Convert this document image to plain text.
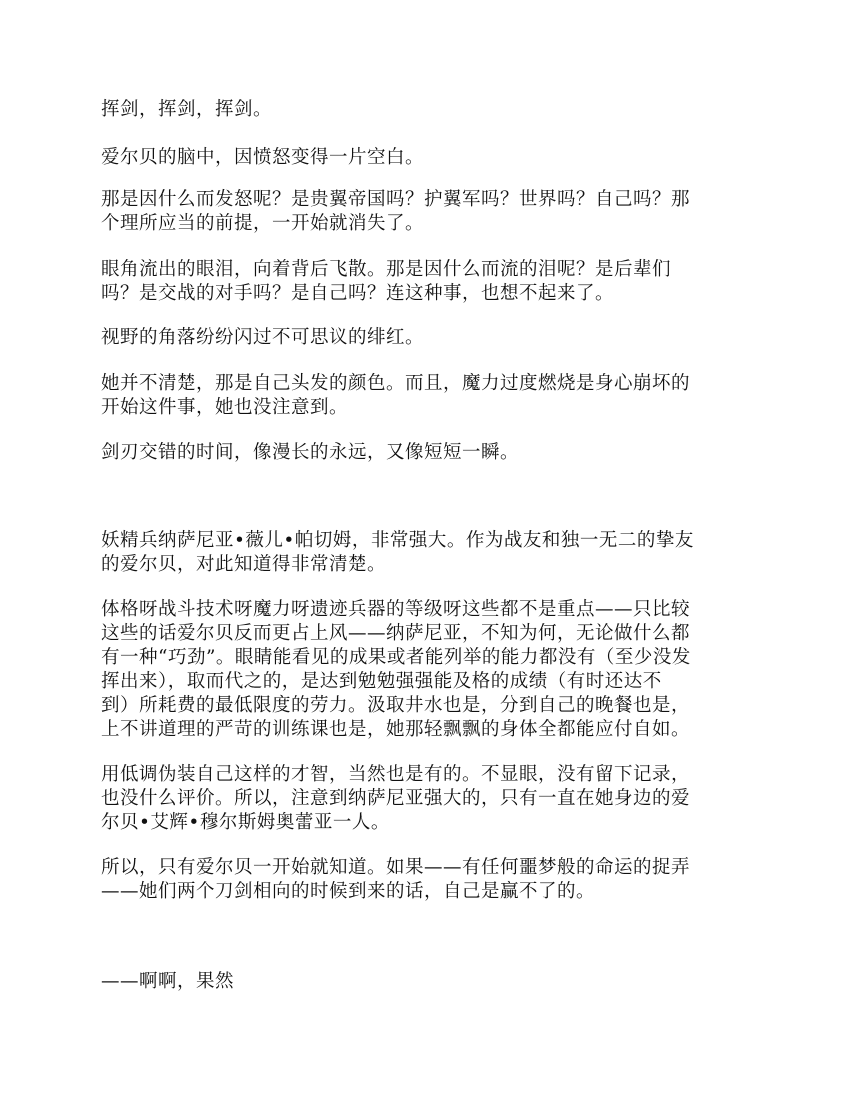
挥剑，挥剑，挥剑。

爱尔贝的脑中，因愤怒变得一片空白。

那是因什么而发怒呢？是贵翼帝国吗？护翼军吗？世界吗？自己吗？那
个理所应当的前提，一开始就消失了。

眼角流出的眼泪，向着背后飞散。那是因什么而流的泪呢？是后辈们
吗？是交战的对手吗？是自己吗？连这种事，也想不起来了。

视野的角落纷纷闪过不可思议的绯红。

她并不清楚，那是自己头发的颜色。而且，魔力过度燃烧是身心崩坏的
开始这件事，她也没注意到。

剑刃交错的时间，像漫长的永远，又像短短一瞬。

妖精兵纳萨尼亚•薇儿•帕切姆，非常强大。作为战友和独一无二的挚友
的爱尔贝，对此知道得非常清楚。

体格呀战斗技术呀魔力呀遗迹兵器的等级呀这些都不是重点——只比较
这些的话爱尔贝反而更占上风——纳萨尼亚，不知为何，无论做什么都
有一种“巧劲”。眼睛能看见的成果或者能列举的能力都没有（至少没发
挥出来），取而代之的，是达到勉勉强强能及格的成绩（有时还达不
到）所耗费的最低限度的劳力。汲取井水也是，分到自己的晚餐也是，
上不讲道理的严苛的训练课也是，她那轻飘飘的身体全都能应付自如。

用低调伪装自己这样的才智，当然也是有的。不显眼，没有留下记录，
也没什么评价。所以，注意到纳萨尼亚强大的，只有一直在她身边的爱
尔贝•艾辉•穆尔斯姆奥蕾亚一人。

所以，只有爱尔贝一开始就知道。如果——有任何噩梦般的命运的捉弄
——她们两个刀剑相向的时候到来的话，自己是赢不了的。

——啊啊，果然
